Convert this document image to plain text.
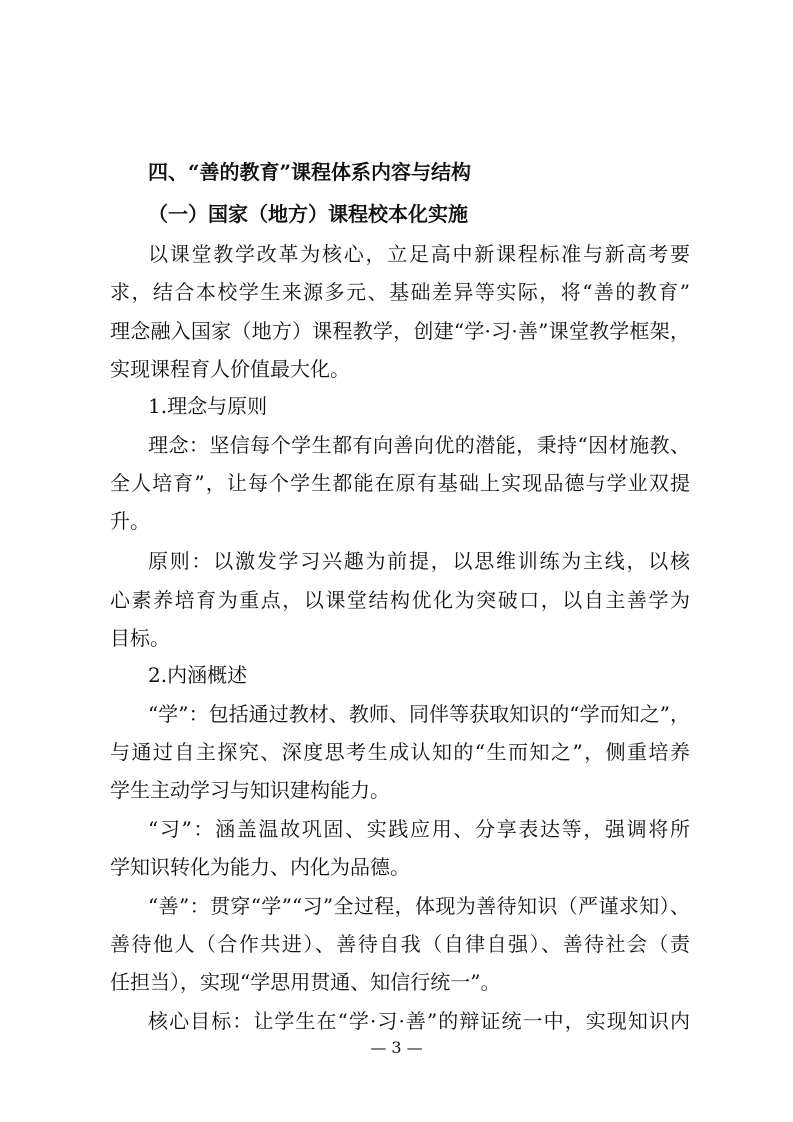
四、“善的教育”课程体系内容与结构
（一）国家（地方）课程校本化实施
以课堂教学改革为核心，立足高中新课程标准与新高考要
求，结合本校学生来源多元、基础差异等实际，将“善的教育”
理念融入国家（地方）课程教学，创建“学·习·善”课堂教学框架，
实现课程育人价值最大化。
1.理念与原则
理念：坚信每个学生都有向善向优的潜能，秉持“因材施教、
全人培育”，让每个学生都能在原有基础上实现品德与学业双提
升。
原则：以激发学习兴趣为前提，以思维训练为主线，以核
心素养培育为重点，以课堂结构优化为突破口，以自主善学为
目标。
2.内涵概述
“学”：包括通过教材、教师、同伴等获取知识的“学而知之”，
与通过自主探究、深度思考生成认知的“生而知之”，侧重培养
学生主动学习与知识建构能力。
“习”：涵盖温故巩固、实践应用、分享表达等，强调将所
学知识转化为能力、内化为品德。
“善”：贯穿“学”“习”全过程，体现为善待知识（严谨求知）、
善待他人（合作共进）、善待自我（自律自强）、善待社会（责
任担当），实现“学思用贯通、知信行统一”。
核心目标：让学生在“学·习·善”的辩证统一中，实现知识内
— 3 —
